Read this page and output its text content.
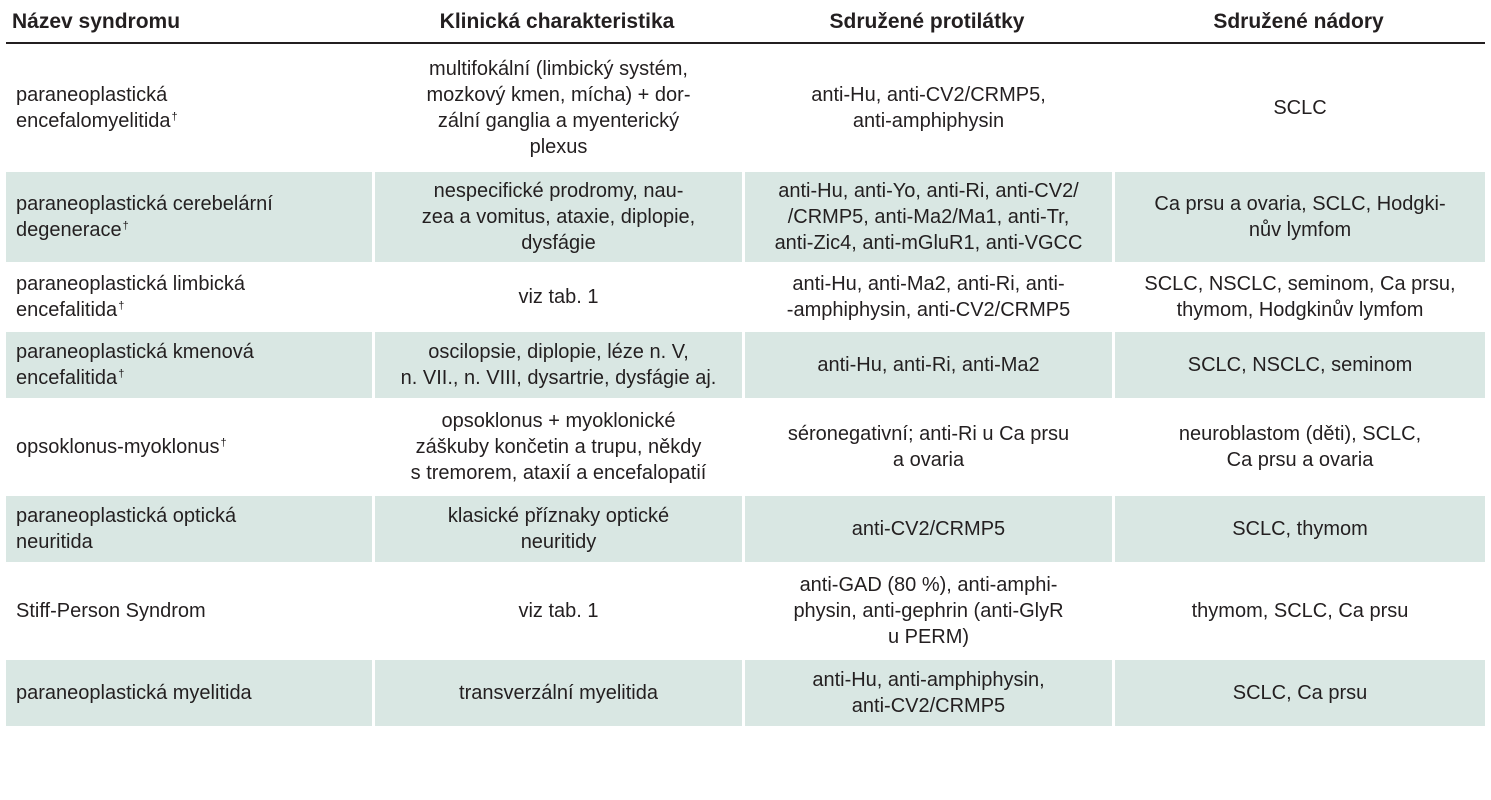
Název syndromu	Klinická charakteristika	Sdružené protilátky	Sdružené nádory

paraneoplastická
encefalomyelitida†	multifokální (limbický systém,
mozkový kmen, mícha) + dor-
zální ganglia a myenterický
plexus	anti-Hu, anti-CV2/CRMP5,
anti-amphiphysin	SCLC

paraneoplastická cerebelární
degenerace†	nespecifické prodromy, nau-
zea a vomitus, ataxie, diplopie,
dysfágie	anti-Hu, anti-Yo, anti-Ri, anti-CV2/
/CRMP5, anti-Ma2/Ma1, anti-Tr,
anti-Zic4, anti-mGluR1, anti-VGCC	Ca prsu a ovaria, SCLC, Hodgki-
nův lymfom

paraneoplastická limbická
encefalitida†	viz tab. 1	anti-Hu, anti-Ma2, anti-Ri, anti-
-amphiphysin, anti-CV2/CRMP5	SCLC, NSCLC, seminom, Ca prsu,
thymom, Hodgkinův lymfom

paraneoplastická kmenová
encefalitida†	oscilopsie, diplopie, léze n. V,
n. VII., n. VIII, dysartrie, dysfágie aj.	anti-Hu, anti-Ri, anti-Ma2	SCLC, NSCLC, seminom

opsoklonus-myoklonus†	opsoklonus + myoklonické
záškuby končetin a trupu, někdy
s tremorem, ataxií a encefalopatií	séronegativní; anti-Ri u Ca prsu
a ovaria	neuroblastom (děti), SCLC,
Ca prsu a ovaria

paraneoplastická optická
neuritida	klasické příznaky optické
neuritidy	anti-CV2/CRMP5	SCLC, thymom

Stiff-Person Syndrom	viz tab. 1	anti-GAD (80 %), anti-amphi-
physin, anti-gephrin (anti-GlyR
u PERM)	thymom, SCLC, Ca prsu

paraneoplastická myelitida	transverzální myelitida	anti-Hu, anti-amphiphysin,
anti-CV2/CRMP5	SCLC, Ca prsu
